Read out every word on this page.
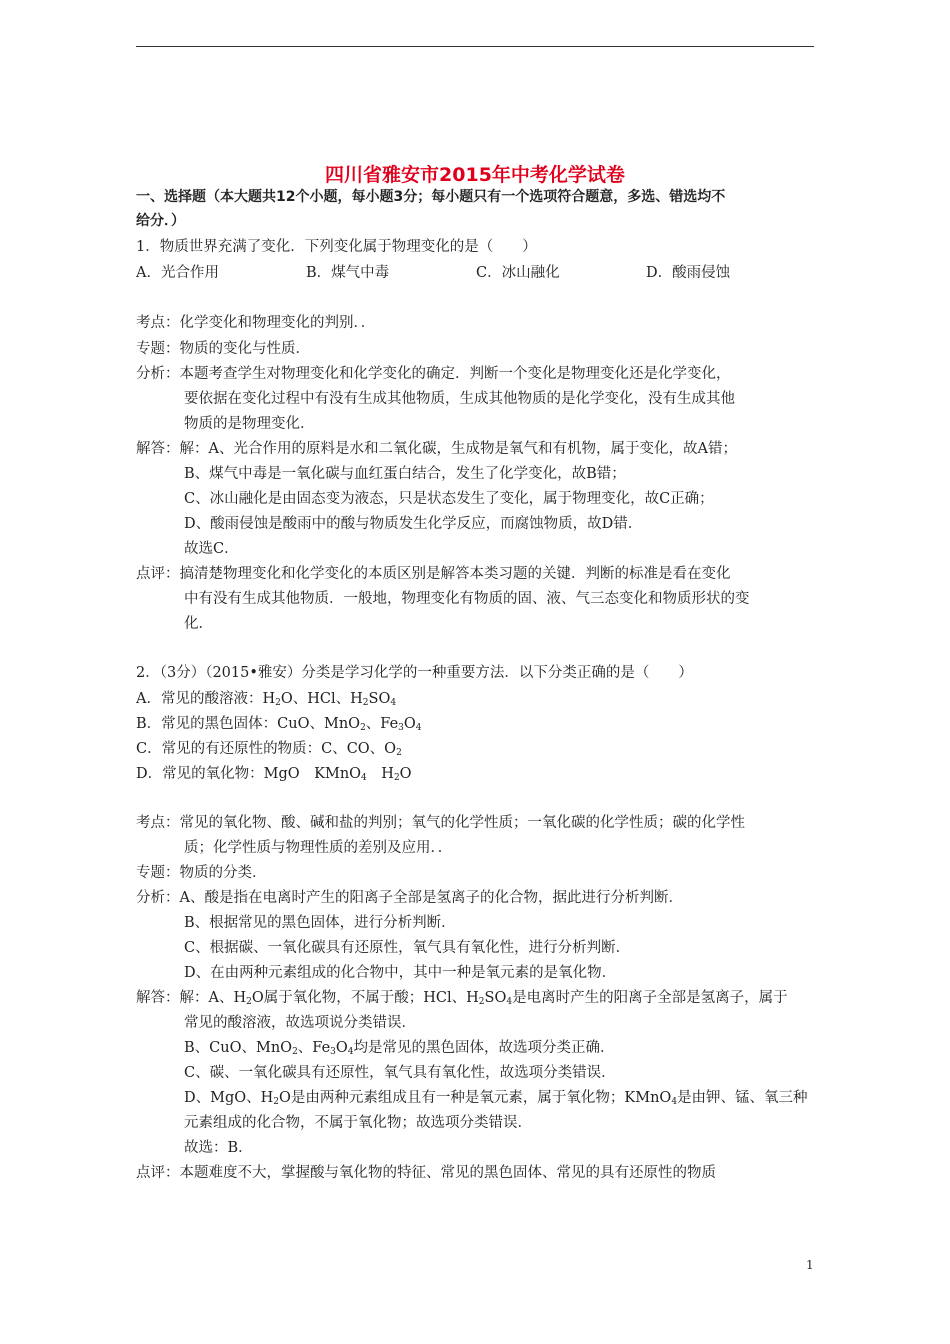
四川省雅安市2015年中考化学试卷
一、选择题（本大题共12个小题，每小题3分；每小题只有一个选项符合题意，多选、错选均不
给分．）
1．物质世界充满了变化．下列变化属于物理变化的是（　　）
A．光合作用	B．煤气中毒	C．冰山融化	D．酸雨侵蚀
考点：化学变化和物理变化的判别．．
专题：物质的变化与性质．
分析：本题考查学生对物理变化和化学变化的确定．判断一个变化是物理变化还是化学变化，
要依据在变化过程中有没有生成其他物质，生成其他物质的是化学变化，没有生成其他
物质的是物理变化．
解答：解：A、光合作用的原料是水和二氧化碳，生成物是氧气和有机物，属于变化，故A错；
B、煤气中毒是一氧化碳与血红蛋白结合，发生了化学变化，故B错；
C、冰山融化是由固态变为液态，只是状态发生了变化，属于物理变化，故C正确；
D、酸雨侵蚀是酸雨中的酸与物质发生化学反应，而腐蚀物质，故D错．
故选C．
点评：搞清楚物理变化和化学变化的本质区别是解答本类习题的关键．判断的标准是看在变化
中有没有生成其他物质．一般地，物理变化有物质的固、液、气三态变化和物质形状的变
化．
2．（3分）（2015•雅安）分类是学习化学的一种重要方法．以下分类正确的是（　　）
A．常见的酸溶液：$H_2O$、HCl、$H_2SO_4$
B．常见的黑色固体：CuO、MnO$_2$、$Fe_3O_4$
C．常见的有还原性的物质：C、CO、$O_2$
D．常见的氧化物：MgO　KMnO$_4$　$H_2O$
考点：常见的氧化物、酸、碱和盐的判别；氧气的化学性质；一氧化碳的化学性质；碳的化学性
质；化学性质与物理性质的差别及应用．．
专题：物质的分类．
分析：A、酸是指在电离时产生的阳离子全部是氢离子的化合物，据此进行分析判断．
B、根据常见的黑色固体，进行分析判断．
C、根据碳、一氧化碳具有还原性，氧气具有氧化性，进行分析判断．
D、在由两种元素组成的化合物中，其中一种是氧元素的是氧化物．
解答：解：A、$H_2O$属于氧化物，不属于酸；HCl、$H_2SO_4$是电离时产生的阳离子全部是氢离子，属于
常见的酸溶液，故选项说分类错误．
B、CuO、MnO$_2$、$Fe_3O_4$均是常见的黑色固体，故选项分类正确．
C、碳、一氧化碳具有还原性，氧气具有氧化性，故选项分类错误．
D、MgO、$H_2O$是由两种元素组成且有一种是氧元素，属于氧化物；KMnO$_4$是由钾、锰、氧三种
元素组成的化合物，不属于氧化物；故选项分类错误．
故选：B．
点评：本题难度不大，掌握酸与氧化物的特征、常见的黑色固体、常见的具有还原性的物质
1
